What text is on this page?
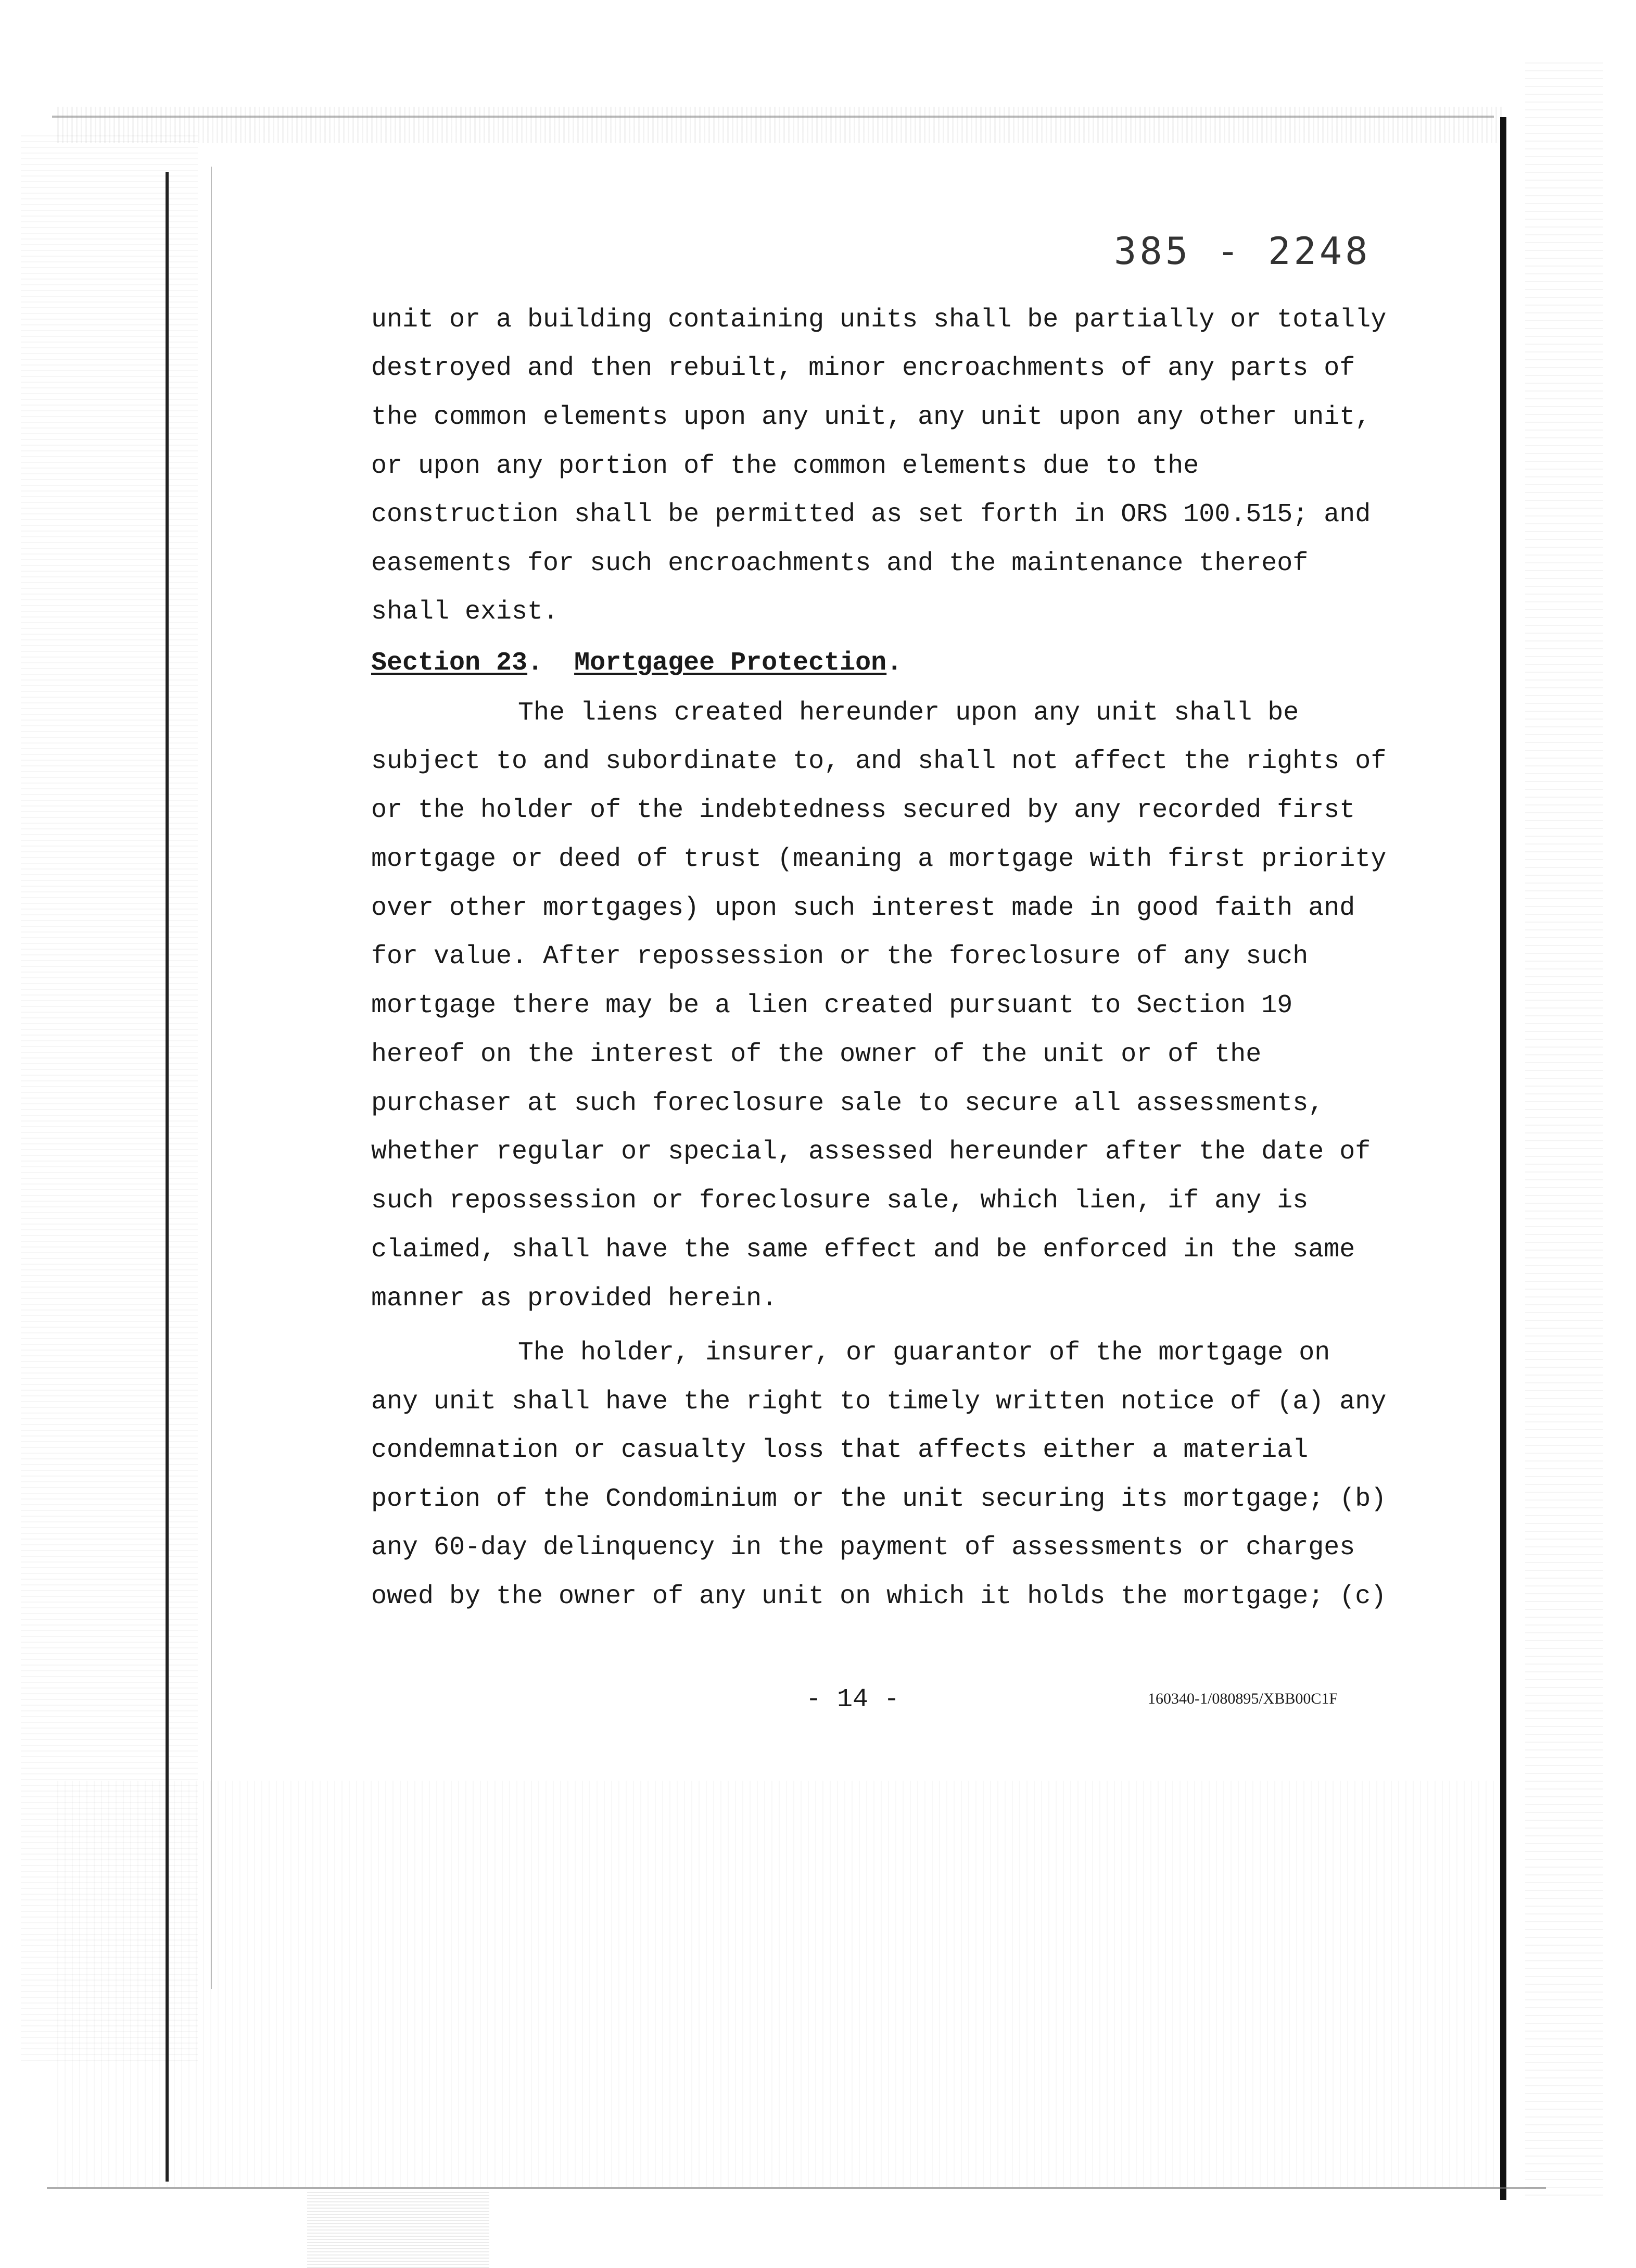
385 - 2248
unit or a building containing units shall be partially or totally
destroyed and then rebuilt, minor encroachments of any parts of
the common elements upon any unit, any unit upon any other unit,
or upon any portion of the common elements due to the
construction shall be permitted as set forth in ORS 100.515; and
easements for such encroachments and the maintenance thereof
shall exist.
Section 23.  Mortgagee Protection.
The liens created hereunder upon any unit shall be
subject to and subordinate to, and shall not affect the rights of
or the holder of the indebtedness secured by any recorded first
mortgage or deed of trust (meaning a mortgage with first priority
over other mortgages) upon such interest made in good faith and
for value. After repossession or the foreclosure of any such
mortgage there may be a lien created pursuant to Section 19
hereof on the interest of the owner of the unit or of the
purchaser at such foreclosure sale to secure all assessments,
whether regular or special, assessed hereunder after the date of
such repossession or foreclosure sale, which lien, if any is
claimed, shall have the same effect and be enforced in the same
manner as provided herein.
The holder, insurer, or guarantor of the mortgage on
any unit shall have the right to timely written notice of (a) any
condemnation or casualty loss that affects either a material
portion of the Condominium or the unit securing its mortgage; (b)
any 60-day delinquency in the payment of assessments or charges
owed by the owner of any unit on which it holds the mortgage; (c)
- 14 -	160340-1/080895/XBB00C1F
